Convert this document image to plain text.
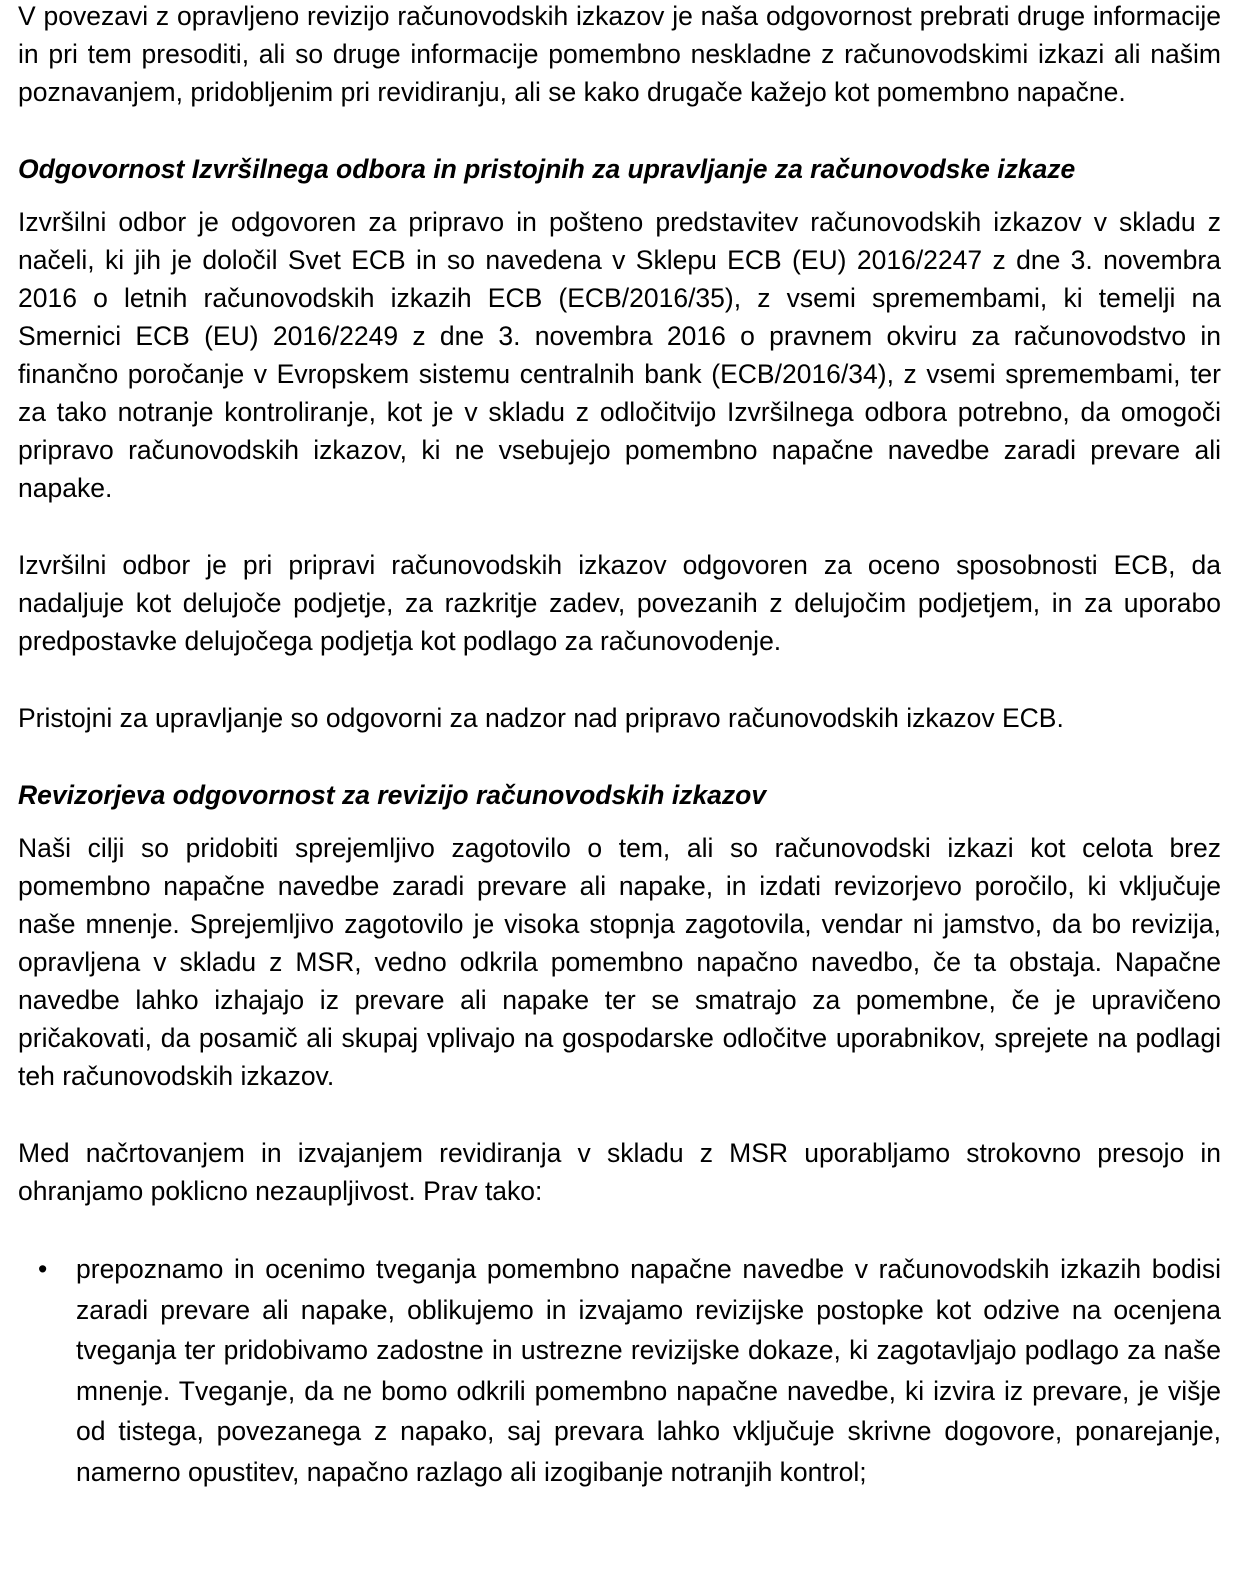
V povezavi z opravljeno revizijo računovodskih izkazov je naša odgovornost prebrati druge informacije in pri tem presoditi, ali so druge informacije pomembno neskladne z računovodskimi izkazi ali našim poznavanjem, pridobljenim pri revidiranju, ali se kako drugače kažejo kot pomembno napačne.

Odgovornost Izvršilnega odbora in pristojnih za upravljanje za računovodske izkaze

Izvršilni odbor je odgovoren za pripravo in pošteno predstavitev računovodskih izkazov v skladu z načeli, ki jih je določil Svet ECB in so navedena v Sklepu ECB (EU) 2016/2247 z dne 3. novembra 2016 o letnih računovodskih izkazih ECB (ECB/2016/35), z vsemi spremembami, ki temelji na Smernici ECB (EU) 2016/2249 z dne 3. novembra 2016 o pravnem okviru za računovodstvo in finančno poročanje v Evropskem sistemu centralnih bank (ECB/2016/34), z vsemi spremembami, ter za tako notranje kontroliranje, kot je v skladu z odločitvijo Izvršilnega odbora potrebno, da omogoči pripravo računovodskih izkazov, ki ne vsebujejo pomembno napačne navedbe zaradi prevare ali napake.

Izvršilni odbor je pri pripravi računovodskih izkazov odgovoren za oceno sposobnosti ECB, da nadaljuje kot delujoče podjetje, za razkritje zadev, povezanih z delujočim podjetjem, in za uporabo predpostavke delujočega podjetja kot podlago za računovodenje.

Pristojni za upravljanje so odgovorni za nadzor nad pripravo računovodskih izkazov ECB.

Revizorjeva odgovornost za revizijo računovodskih izkazov

Naši cilji so pridobiti sprejemljivo zagotovilo o tem, ali so računovodski izkazi kot celota brez pomembno napačne navedbe zaradi prevare ali napake, in izdati revizorjevo poročilo, ki vključuje naše mnenje. Sprejemljivo zagotovilo je visoka stopnja zagotovila, vendar ni jamstvo, da bo revizija, opravljena v skladu z MSR, vedno odkrila pomembno napačno navedbo, če ta obstaja. Napačne navedbe lahko izhajajo iz prevare ali napake ter se smatrajo za pomembne, če je upravičeno pričakovati, da posamič ali skupaj vplivajo na gospodarske odločitve uporabnikov, sprejete na podlagi teh računovodskih izkazov.

Med načrtovanjem in izvajanjem revidiranja v skladu z MSR uporabljamo strokovno presojo in ohranjamo poklicno nezaupljivost. Prav tako:

• prepoznamo in ocenimo tveganja pomembno napačne navedbe v računovodskih izkazih bodisi zaradi prevare ali napake, oblikujemo in izvajamo revizijske postopke kot odzive na ocenjena tveganja ter pridobivamo zadostne in ustrezne revizijske dokaze, ki zagotavljajo podlago za naše mnenje. Tveganje, da ne bomo odkrili pomembno napačne navedbe, ki izvira iz prevare, je višje od tistega, povezanega z napako, saj prevara lahko vključuje skrivne dogovore, ponarejanje, namerno opustitev, napačno razlago ali izogibanje notranjih kontrol;
